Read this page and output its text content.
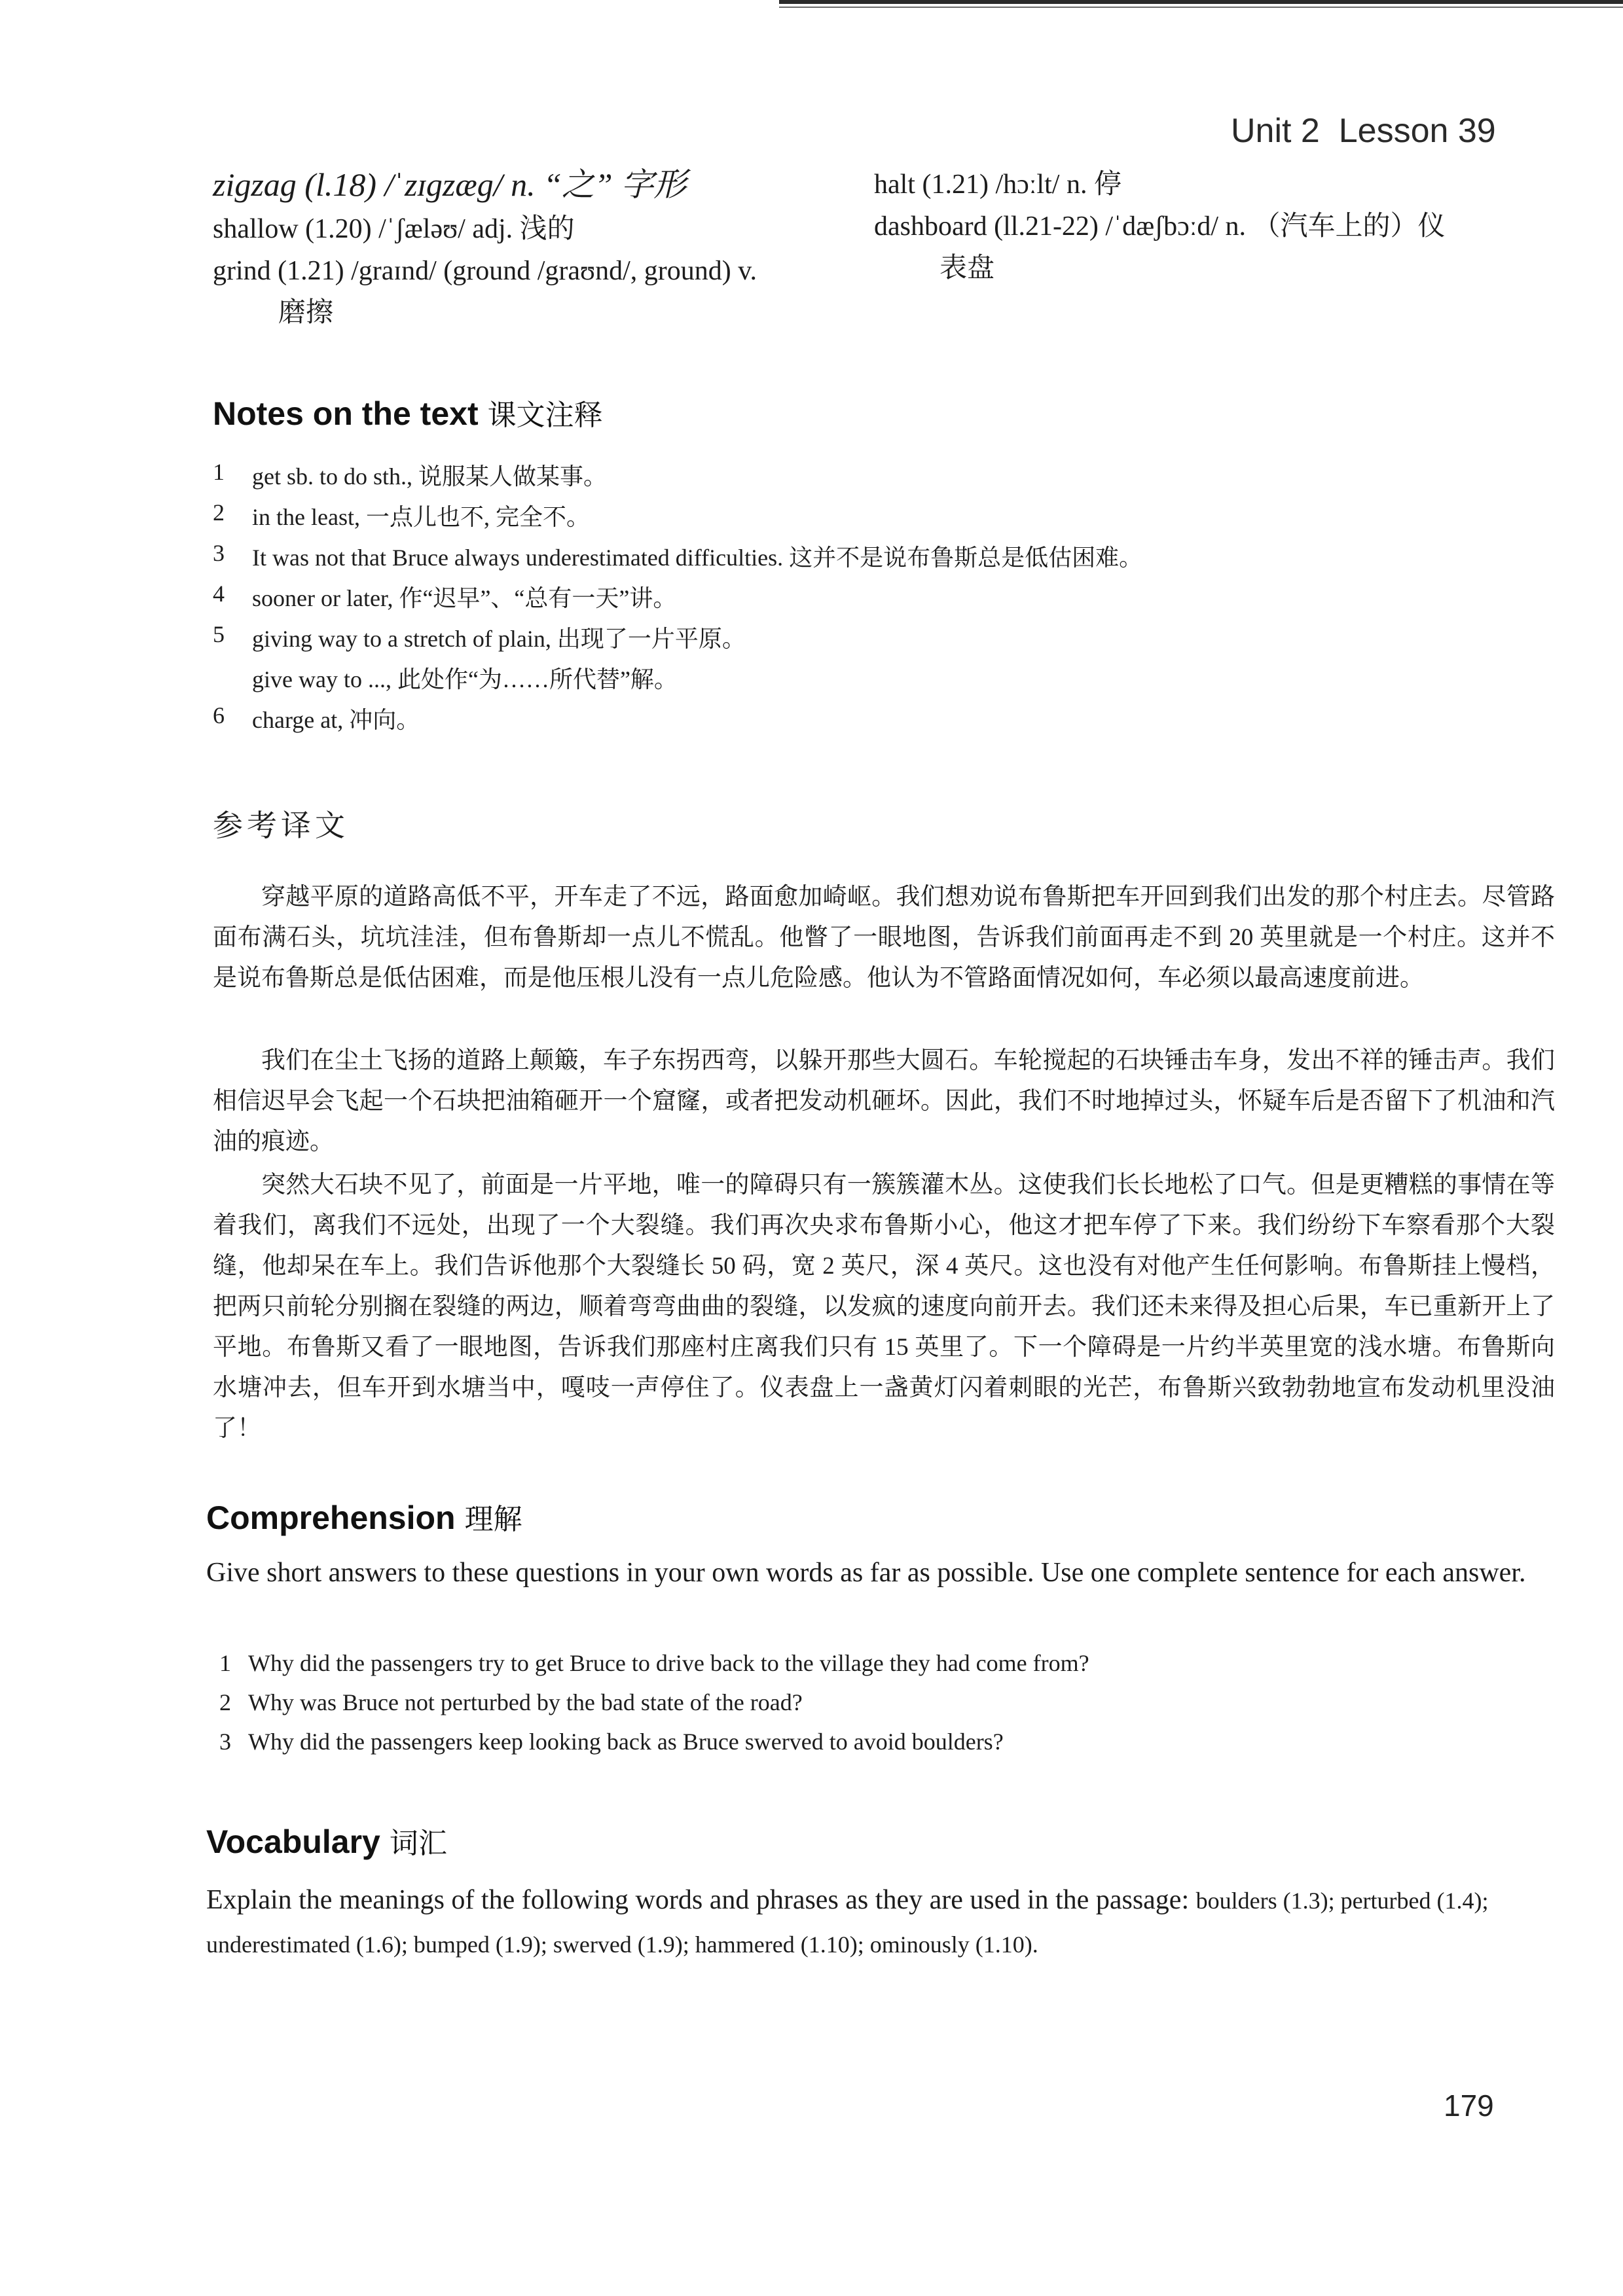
Unit 2 Lesson 39
zigzag (l.18) /ˈzɪgzæg/ n. “之” 字形
shallow (1.20) /ˈʃæləʊ/ adj. 浅的
grind (1.21) /graɪnd/ (ground /graʊnd/, ground) v.
磨擦
halt (1.21) /hɔːlt/ n. 停
dashboard (ll.21-22) /ˈdæʃbɔːd/ n. （汽车上的）仪
表盘
Notes on the text 课文注释
1	get sb. to do sth., 说服某人做某事。
2	in the least, 一点儿也不, 完全不。
3	It was not that Bruce always underestimated difficulties. 这并不是说布鲁斯总是低估困难。
4	sooner or later, 作“迟早”、“总有一天”讲。
5	giving way to a stretch of plain, 出现了一片平原。
give way to ..., 此处作“为……所代替”解。
6	charge at, 冲向。
参考译文
穿越平原的道路高低不平，开车走了不远，路面愈加崎岖。我们想劝说布鲁斯把车开回到我们出发的那个村庄去。尽管路面布满石头，坑坑洼洼，但布鲁斯却一点儿不慌乱。他瞥了一眼地图，告诉我们前面再走不到 20 英里就是一个村庄。这并不是说布鲁斯总是低估困难，而是他压根儿没有一点儿危险感。他认为不管路面情况如何，车必须以最高速度前进。
我们在尘土飞扬的道路上颠簸，车子东拐西弯，以躲开那些大圆石。车轮搅起的石块锤击车身，发出不祥的锤击声。我们相信迟早会飞起一个石块把油箱砸开一个窟窿，或者把发动机砸坏。因此，我们不时地掉过头，怀疑车后是否留下了机油和汽油的痕迹。
突然大石块不见了，前面是一片平地，唯一的障碍只有一簇簇灌木丛。这使我们长长地松了口气。但是更糟糕的事情在等着我们，离我们不远处，出现了一个大裂缝。我们再次央求布鲁斯小心，他这才把车停了下来。我们纷纷下车察看那个大裂缝，他却呆在车上。我们告诉他那个大裂缝长 50 码，宽 2 英尺，深 4 英尺。这也没有对他产生任何影响。布鲁斯挂上慢档，把两只前轮分别搁在裂缝的两边，顺着弯弯曲曲的裂缝，以发疯的速度向前开去。我们还未来得及担心后果，车已重新开上了平地。布鲁斯又看了一眼地图，告诉我们那座村庄离我们只有 15 英里了。下一个障碍是一片约半英里宽的浅水塘。布鲁斯向水塘冲去，但车开到水塘当中，嘎吱一声停住了。仪表盘上一盏黄灯闪着刺眼的光芒，布鲁斯兴致勃勃地宣布发动机里没油了！
Comprehension 理解
Give short answers to these questions in your own words as far as possible. Use one complete sentence for each answer.
1 Why did the passengers try to get Bruce to drive back to the village they had come from?
2 Why was Bruce not perturbed by the bad state of the road?
3 Why did the passengers keep looking back as Bruce swerved to avoid boulders?
Vocabulary 词汇
Explain the meanings of the following words and phrases as they are used in the passage: boulders (1.3); perturbed (1.4); underestimated (1.6); bumped (1.9); swerved (1.9); hammered (1.10); ominously (1.10).
179
